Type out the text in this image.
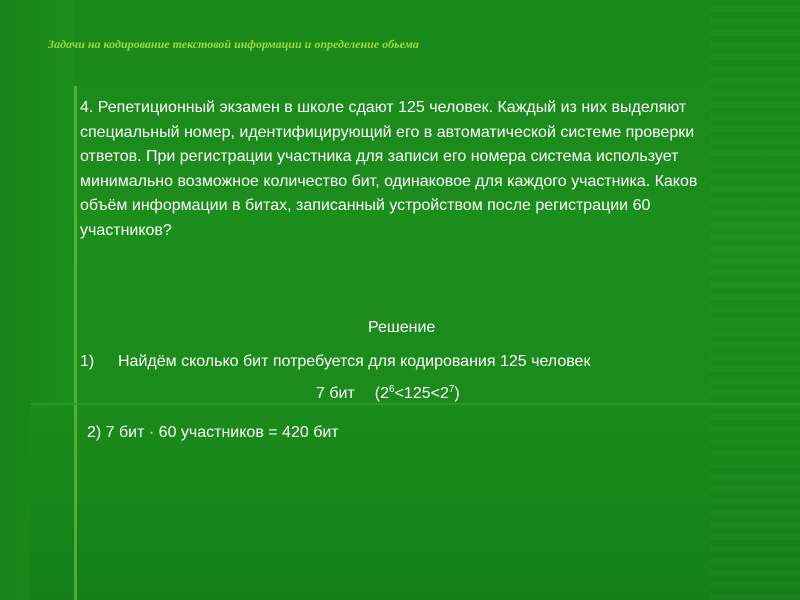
Задачи на кодирование текстовой информации и определение обьема
4. Репетиционный экзамен в школе сдают 125 человек. Каждый из них выделяют специальный номер, идентифицирующий его в автоматической системе проверки ответов. При регистрации участника для записи его номера система использует минимально возможное количество бит, одинаковое для каждого участника. Каков объём информации в битах, записанный устройством после регистрации 60 участников?
Решение
1) Найдём сколько бит потребуется для кодирования 125 человек
7 бит $(2^6<125<2^7)$
2) 7 бит · 60 участников = 420 бит
